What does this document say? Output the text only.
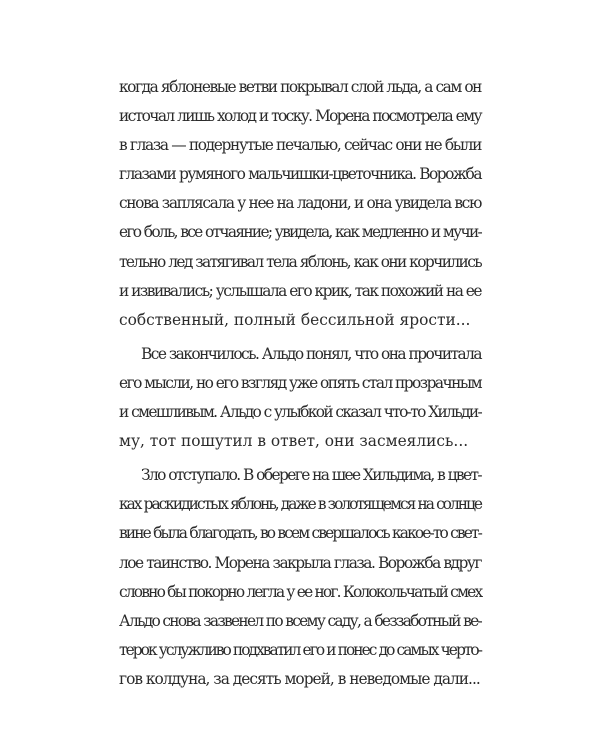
когда яблоневые ветви покрывал слой льда, а сам он
источал лишь холод и тоску. Морена посмотрела ему
в глаза — подернутые печалью, сейчас они не были
глазами румяного мальчишки-цветочника. Ворожба
снова заплясала у нее на ладони, и она увидела всю
его боль, все отчаяние; увидела, как медленно и мучи-
тельно лед затягивал тела яблонь, как они корчились
и извивались; услышала его крик, так похожий на ее
собственный, полный бессильной ярости...
Все закончилось. Альдо понял, что она прочитала
его мысли, но его взгляд уже опять стал прозрачным
и смешливым. Альдо с улыбкой сказал что-то Хильди-
му, тот пошутил в ответ, они засмеялись...
Зло отступало. В обереге на шее Хильдима, в цвет-
ках раскидистых яблонь, даже в золотящемся на солнце
вине была благодать, во всем свершалось какое-то свет-
лое таинство. Морена закрыла глаза. Ворожба вдруг
словно бы покорно легла у ее ног. Колокольчатый смех
Альдо снова зазвенел по всему саду, а беззаботный ве-
терок услужливо подхватил его и понес до самых черто-
гов колдуна, за десять морей, в неведомые дали...
